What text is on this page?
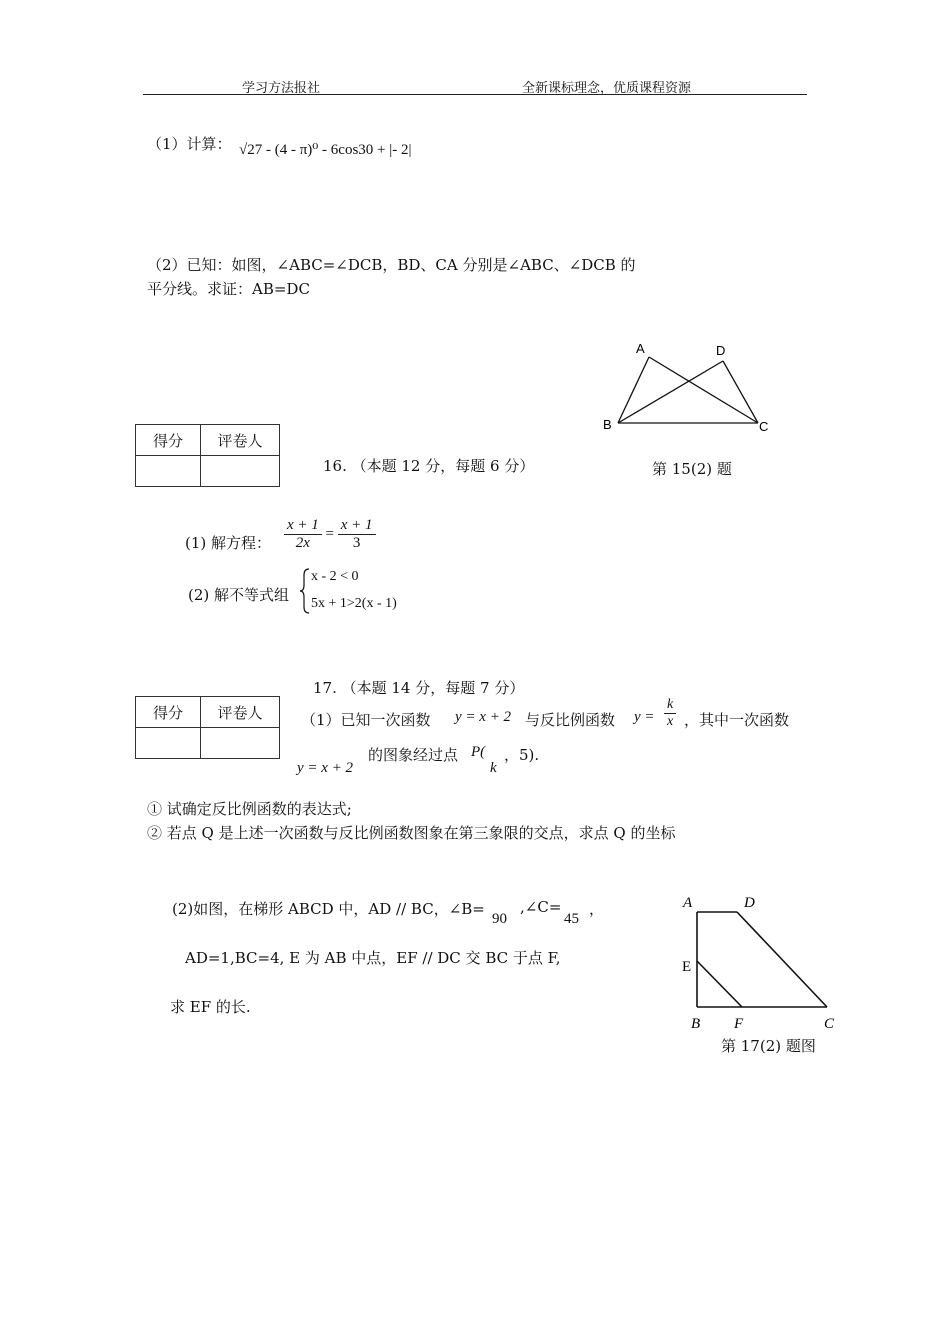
学习方法报社	全新课标理念，优质课程资源
（1）计算： √27 - (4 - π)⁰ - 6cos30 + |- 2|
（2）已知：如图，∠ABC=∠DCB，BD、CA 分别是∠ABC、∠DCB 的
平分线。求证：AB=DC
A	D
B	C
第 15(2) 题
得分	评卷人

16. （本题 12 分，每题 6 分）
(1) 解方程： $\frac{x + 1}{2x} = \frac{x + 1}{3}$
(2) 解不等式组
x - 2 < 0
5x + 1>2(x - 1)
17. （本题 14 分，每题 7 分）
得分	评卷人
		（1）已知一次函数 y = x + 2 与反比例函数 $y = \frac{k}{x}$ ，其中一次函数
的图象经过点 P(
k
，5).
y = x + 2
① 试确定反比例函数的表达式;
② 若点 Q 是上述一次函数与反比例函数图象在第三象限的交点，求点 Q 的坐标
(2)如图，在梯形 ABCD 中，AD // BC，∠B=
90
,∠C=
45
，
AD=1,BC=4, E 为 AB 中点，EF // DC 交 BC 于点 F,
求 EF 的长.
A	D
E
B F	C
第 17(2) 题图
